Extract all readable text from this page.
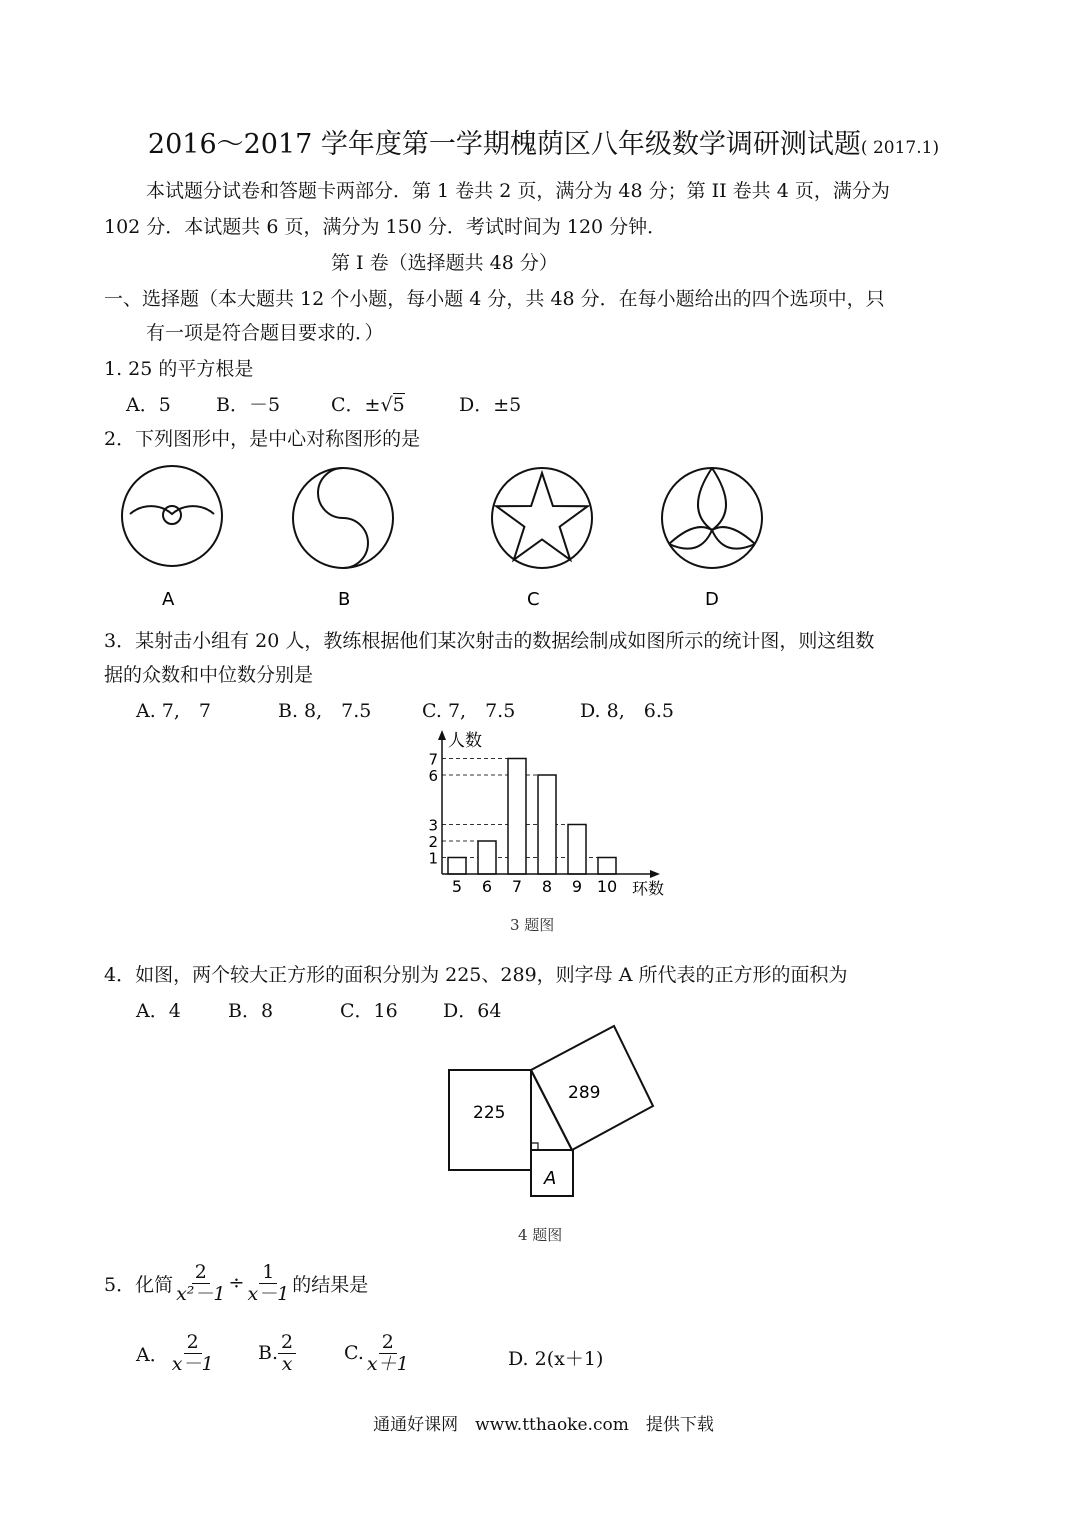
2016～2017 学年度第一学期槐荫区八年级数学调研测试题( 2017.1)
本试题分试卷和答题卡两部分．第 1 卷共 2 页，满分为 48 分；第 II 卷共 4 页，满分为
102 分．本试题共 6 页，满分为 150 分．考试时间为 120 分钟．
第 I 卷（选择题共 48 分）
一、选择题（本大题共 12 个小题，每小题 4 分，共 48 分．在每小题给出的四个选项中，只
有一项是符合题目要求的．）
1. 25 的平方根是
A．5 B．－5	C．±√5	D．±5
2．下列图形中，是中心对称图形的是
A	B	C	D
3．某射击小组有 20 人，教练根据他们某次射击的数据绘制成如图所示的统计图，则这组数
据的众数和中位数分别是
A. 7,　7	B. 8,　7.5	C. 7,　7.5	D. 8,　6.5
人数
环数
5 6 7 8 9 10
1
2
3
6
7
3 题图
4．如图，两个较大正方形的面积分别为 225、289，则字母 A 所代表的正方形的面积为
A．4 B．8	C．16 D．64
225
289
A
4 题图
5．化简 $\frac{2}{\text{x²－1}} \div \frac{1}{x-1}$ 的结果是
A． $\frac{2}{x-1} B$. $\frac{2}{x}$	C. $\frac{2}{x+1}$	D. 2(x＋1)
通通好课网　www.tthaoke.com　提供下载
